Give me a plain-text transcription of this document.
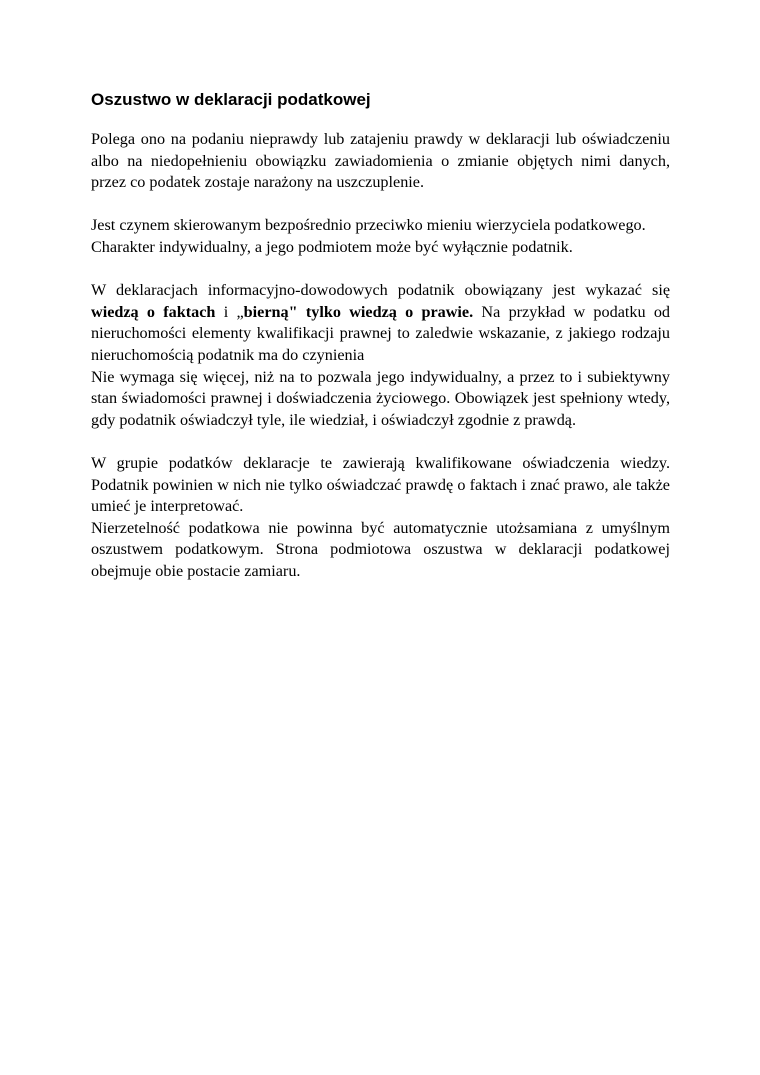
Oszustwo w deklaracji podatkowej

Polega ono na podaniu nieprawdy lub zatajeniu prawdy w deklaracji lub oświadczeniu albo na niedopełnieniu obowiązku zawiadomienia o zmianie objętych nimi danych, przez co podatek zostaje narażony na uszczuplenie.

Jest czynem skierowanym bezpośrednio przeciwko mieniu wierzyciela podatkowego.

Charakter indywidualny, a jego podmiotem może być wyłącznie podatnik.

W deklaracjach informacyjno-dowodowych podatnik obowiązany jest wykazać się wiedzą o faktach i „bierną" tylko wiedzą o prawie. Na przykład w podatku od nieruchomości elementy kwalifikacji prawnej to zaledwie wskazanie, z jakiego rodzaju nieruchomością podatnik ma do czynienia

Nie wymaga się więcej, niż na to pozwala jego indywidualny, a przez to i subiektywny stan świadomości prawnej i doświadczenia życiowego. Obowiązek jest spełniony wtedy, gdy podatnik oświadczył tyle, ile wiedział, i oświadczył zgodnie z prawdą.

W grupie podatków deklaracje te zawierają kwalifikowane oświadczenia wiedzy. Podatnik powinien w nich nie tylko oświadczać prawdę o faktach i znać prawo, ale także umieć je interpretować.

Nierzetelność podatkowa nie powinna być automatycznie utożsamiana z umyślnym oszustwem podatkowym. Strona podmiotowa oszustwa w deklaracji podatkowej obejmuje obie postacie zamiaru.
